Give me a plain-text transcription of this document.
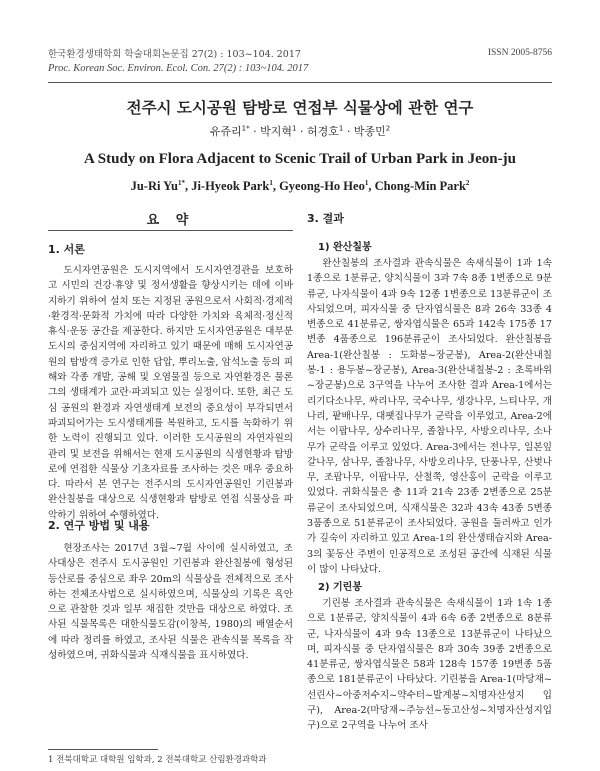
한국환경생태학회 학술대회논문집 27(2) : 103~104. 2017
Proc. Korean Soc. Environ. Ecol. Con. 27(2) : 103~104. 2017
ISSN 2005-8756
전주시 도시공원 탐방로 연접부 식물상에 관한 연구
유쥬리$^{1*}$ · 박지혁$^1$ · 허경호$^1$ · 박종민$^2$
A Study on Flora Adjacent to Scenic Trail of Urban Park in Jeon-ju
Ju-Ri $Yu^{1*}$, Ji-Hyeok Park$^1$, Gyeong-Ho Heo$^1$, Chong-Min Park$^2$
요 약
1. 서론

도시자연공원은 도시지역에서 도시자연경관을 보호하고 시민의 건강·휴양 및 정서생활을 향상시키는 데에 이바지하기 위하여 설치 또는 지정된 공원으로서 사회적·경제적·환경적·문화적 가치에 따라 다양한 가치와 육체적·정신적 휴식·운동 공간을 제공한다. 하지만 도시자연공원은 대부분 도시의 중심지역에 자리하고 있기 때문에 매해 도시자연공원의 탐방객 증가로 인한 답압, 뿌리노출, 암석노출 등의 피해와 각종 개발, 공해 및 오염물질 등으로 자연환경은 물론 그의 생태계가 교란·파괴되고 있는 실정이다. 또한, 최근 도심 공원의 환경과 자연생태계 보전의 중요성이 부각되면서 파괴되어가는 도시생태계를 복원하고, 도시를 녹화하기 위한 노력이 진행되고 있다. 이러한 도시공원의 자연자원의 관리 및 보전을 위해서는 현재 도시공원의 식생현황과 탐방로에 연접한 식물상 기초자료를 조사하는 것은 매우 중요하다. 따라서 본 연구는 전주시의 도시자연공원인 기린봉과 완산칠봉을 대상으로 식생현황과 탐방로 연접 식물상을 파악하기 위하여 수행하였다.

2. 연구 방법 및 내용

현장조사는 2017년 3월~7월 사이에 실시하였고, 조사대상은 전주시 도시공원인 기린봉과 완산칠봉에 형성된 등산로를 중심으로 좌우 20m의 식물상을 전체적으로 조사하는 전체조사법으로 실시하였으며, 식물상의 기록은 육안으로 관찰한 것과 일부 채집한 것만을 대상으로 하였다. 조사된 식물목록은 대한식물도감(이창복, 1980)의 배열순서에 따라 정리를 하였고, 조사된 식물은 관속식물 목록을 작성하였으며, 귀화식물과 식재식물을 표시하였다.

3. 결과
1) 완산칠봉

완산칠봉의 조사결과 관속식물은 속새식물이 1과 1속 1종으로 1분류군, 양치식물이 3과 7속 8종 1변종으로 9분류군, 나자식물이 4과 9속 12종 1변종으로 13분류군이 조사되었으며, 피자식물 중 단자엽식물은 8과 26속 33종 4변종으로 41분류군, 쌍자엽식물은 65과 142속 175종 17변종 4품종으로 196분류군이 조사되었다. 완산칠봉을 Area-1(완산칠봉 : 도화봉~장군봉), Area-2(완산내칠봉-1 : 용두봉~장군봉), Area-3(완산내칠봉-2 : 초록바위~장군봉)으로 3구역을 나누어 조사한 결과 Area-1에서는 리기다소나무, 싸리나무, 국수나무, 생강나무, 느티나무, 개나리, 팥배나무, 대팻집나무가 군락을 이루었고, Area-2에서는 이팝나무, 상수리나무, 졸참나무, 사방오리나무, 소나무가 군락을 이루고 있었다. Area-3에서는 전나무, 일본잎갈나무, 삼나무, 졸참나무, 사방오리나무, 단풍나무, 산벚나무, 조팝나무, 이팝나무, 산철쭉, 영산홍이 군락을 이루고 있었다. 귀화식물은 총 11과 21속 23종 2변종으로 25분류군이 조사되었으며, 식재식물은 32과 43속 43종 5변종 3품종으로 51분류군이 조사되었다. 공원을 둘러싸고 인가가 깊숙이 자리하고 있고 Area-1의 완산생태습지와 Area-3의 꽃동산 주변이 인공적으로 조성된 공간에 식재된 식물이 많이 나타났다.

2) 기린봉

기린봉 조사결과 관속식물은 속새식물이 1과 1속 1종으로 1분류군, 양치식물이 4과 6속 6종 2변종으로 8분류군, 나자식물이 4과 9속 13종으로 13분류군이 나타났으며, 피자식물 중 단자엽식물은 8과 30속 39종 2변종으로 41분류군, 쌍자엽식물은 58과 128속 157종 19변종 5품종으로 181분류군이 나타났다. 기린봉을 Area-1(마당재~선린사~아중저수지~약수터~발계봉~치명자산성지 입구), Area-2(마당재~주능선~동고산성~치명자산성지입구)으로 2구역을 나누어 조사

1 전북대학교 대학원 임학과, 2 전북대학교 산림환경과학과
